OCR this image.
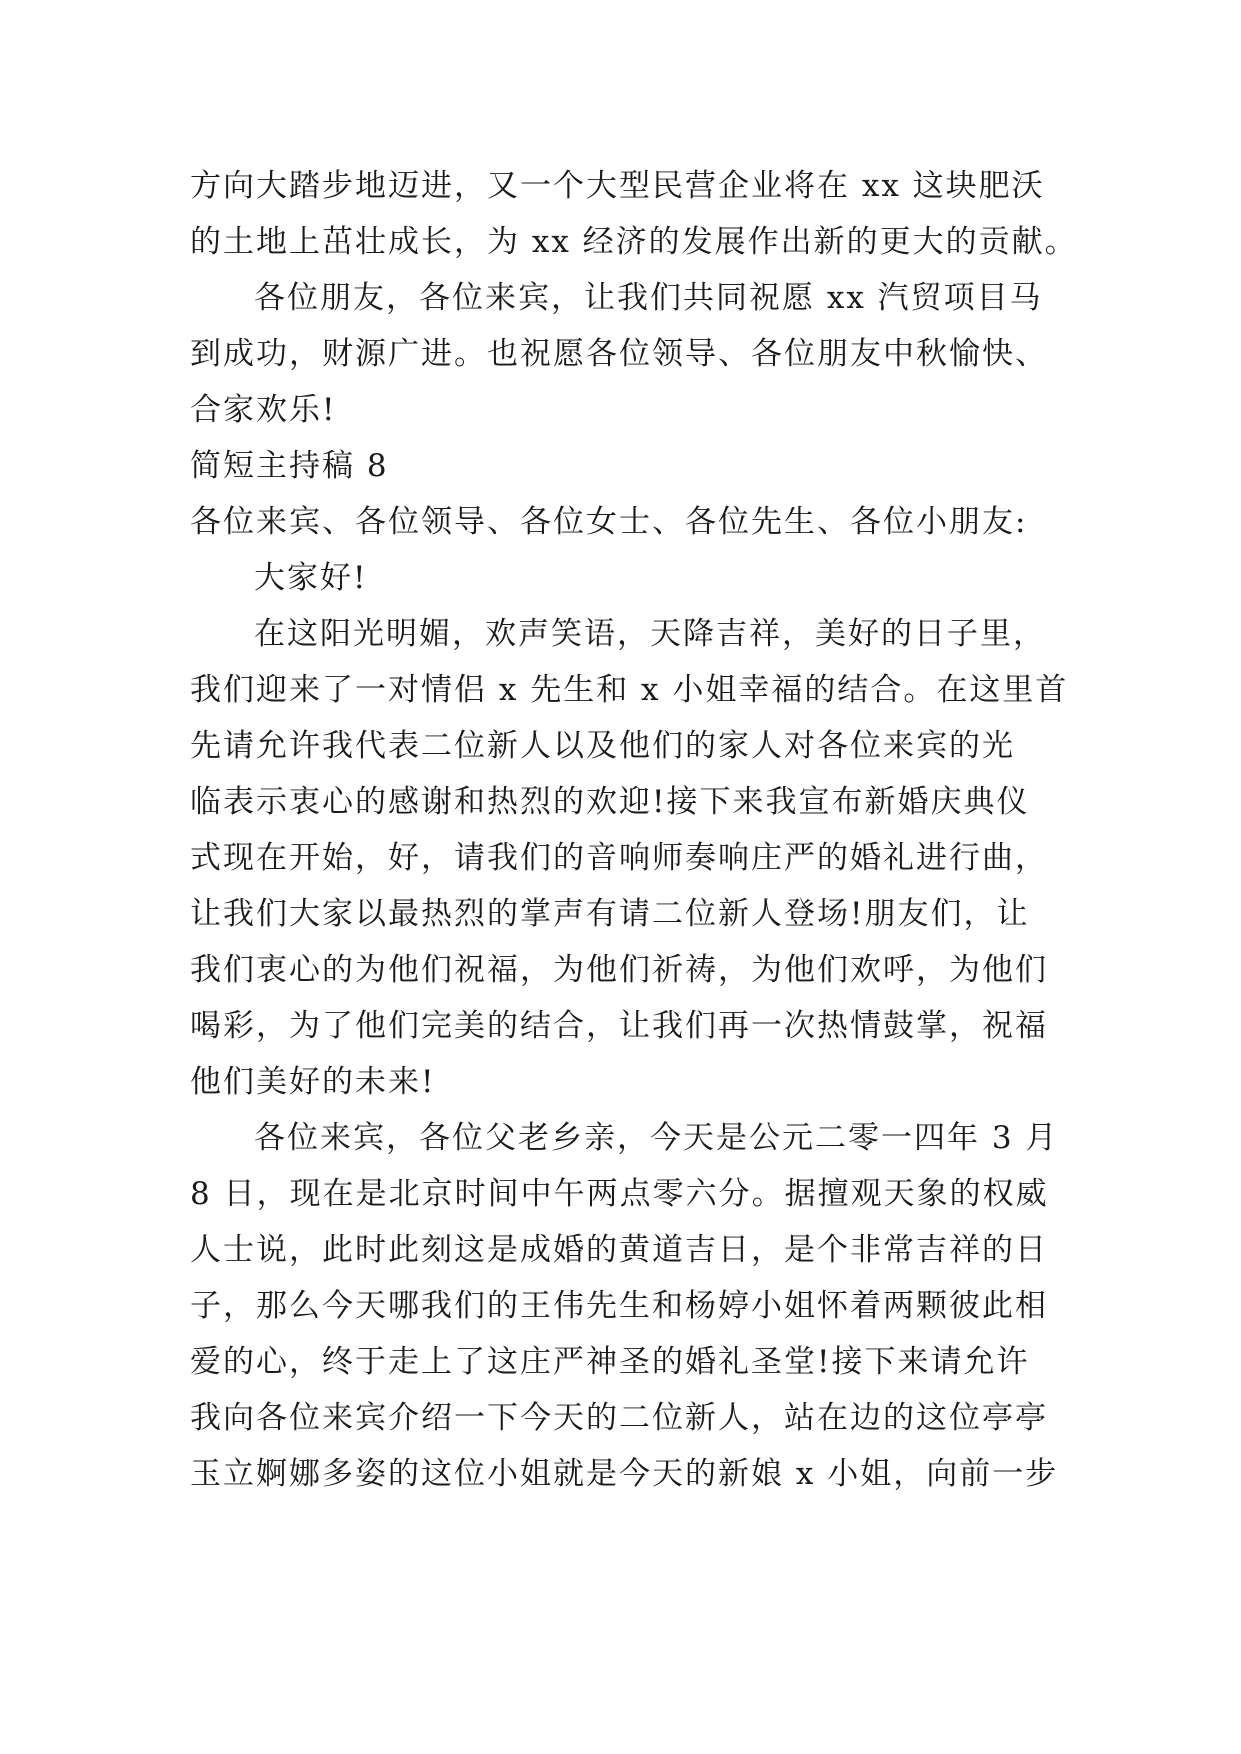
方向大踏步地迈进，又一个大型民营企业将在 xx 这块肥沃
的土地上茁壮成长，为 xx 经济的发展作出新的更大的贡献。
各位朋友，各位来宾，让我们共同祝愿 xx 汽贸项目马
到成功，财源广进。也祝愿各位领导、各位朋友中秋愉快、
合家欢乐!
简短主持稿 8
各位来宾、各位领导、各位女士、各位先生、各位小朋友:
大家好!
在这阳光明媚，欢声笑语，天降吉祥，美好的日子里，
我们迎来了一对情侣 x 先生和 x 小姐幸福的结合。在这里首
先请允许我代表二位新人以及他们的家人对各位来宾的光
临表示衷心的感谢和热烈的欢迎!接下来我宣布新婚庆典仪
式现在开始，好，请我们的音响师奏响庄严的婚礼进行曲，
让我们大家以最热烈的掌声有请二位新人登场!朋友们，让
我们衷心的为他们祝福，为他们祈祷，为他们欢呼，为他们
喝彩，为了他们完美的结合，让我们再一次热情鼓掌，祝福
他们美好的未来!
各位来宾，各位父老乡亲，今天是公元二零一四年 3 月
8 日，现在是北京时间中午两点零六分。据擅观天象的权威
人士说，此时此刻这是成婚的黄道吉日，是个非常吉祥的日
子，那么今天哪我们的王伟先生和杨婷小姐怀着两颗彼此相
爱的心，终于走上了这庄严神圣的婚礼圣堂!接下来请允许
我向各位来宾介绍一下今天的二位新人，站在边的这位亭亭
玉立婀娜多姿的这位小姐就是今天的新娘 x 小姐，向前一步
